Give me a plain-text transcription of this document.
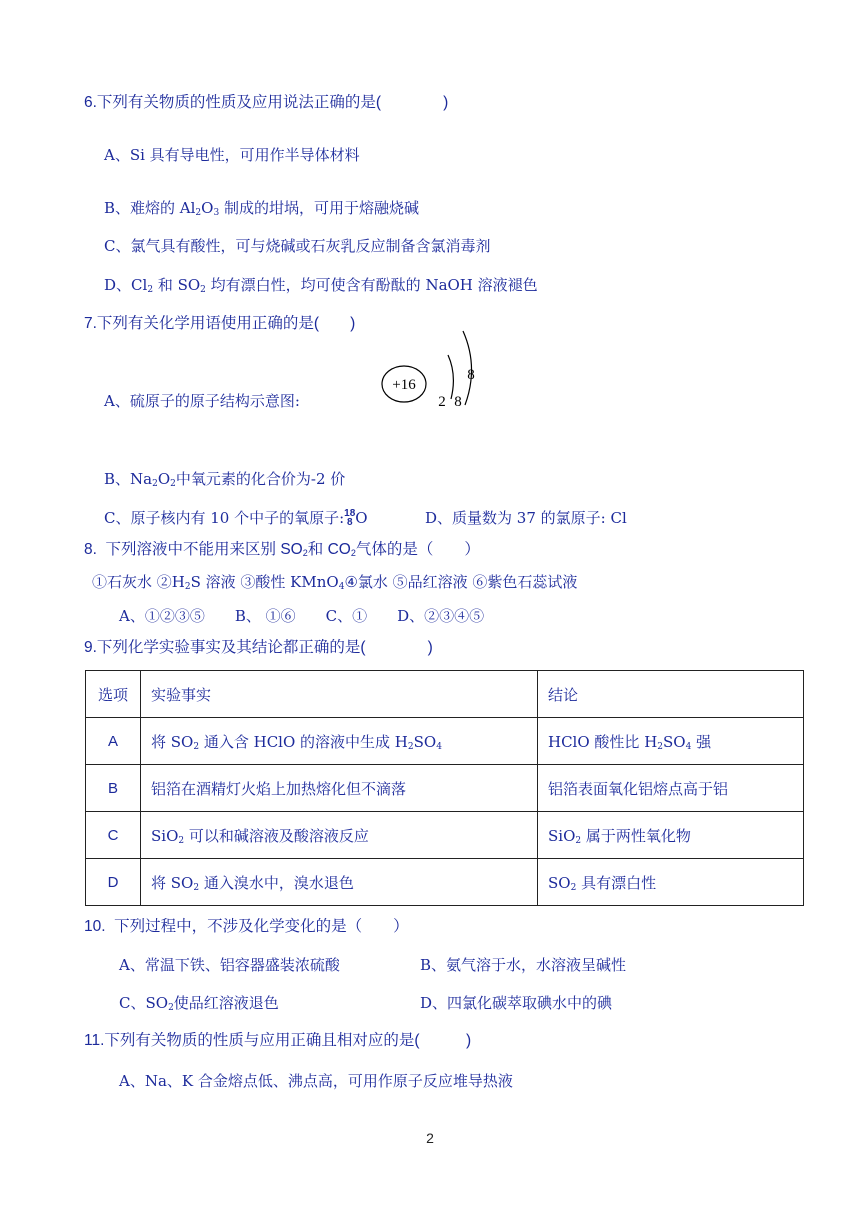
6.下列有关物质的性质及应用说法正确的是(　　　　)
A、Si 具有导电性，可用作半导体材料
B、难熔的 $Al_2O_3$ 制成的坩埚，可用于熔融烧碱
C、氯气具有酸性，可与烧碱或石灰乳反应制备含氯消毒剂
D、$Cl_2$ 和 $SO_2$ 均有漂白性，均可使含有酚酞的 NaOH 溶液褪色
7.下列有关化学用语使用正确的是(　　)
A、硫原子的原子结构示意图:
+16
2 8
8
B、$Na_2O_2$中氧元素的化合价为-2 价
C、原子核内有 10 个中子的氧原子:18
8 O	D、质量数为 37 的氯原子: Cl
8.  下列溶液中不能用来区别 $SO_2$和 $CO_2$气体的是（　　）
①石灰水 $②H_2S$ 溶液 ③酸性 KMnO$_4$④氯水 ⑤品红溶液 ⑥紫色石蕊试液
A、①②③⑤　　B、 ①⑥　　C、①　　D、②③④⑤
9.下列化学实验事实及其结论都正确的是(　　　　)
选项	实验事实	结论
A	将 $SO_2$ 通入含 HClO 的溶液中生成 $H_2SO_4$	HClO 酸性比 $H_2SO_4$ 强
B	铝箔在酒精灯火焰上加热熔化但不滴落	铝箔表面氧化铝熔点高于铝
C	SiO$_2$ 可以和碱溶液及酸溶液反应	SiO$_2$ 属于两性氧化物
D	将 $SO_2$ 通入溴水中，溴水退色	$SO_2$ 具有漂白性
10.  下列过程中，不涉及化学变化的是（　　）
A、常温下铁、铝容器盛装浓硫酸	B、氨气溶于水，水溶液呈碱性
C、$SO_2$使品红溶液退色	D、四氯化碳萃取碘水中的碘
11.下列有关物质的性质与应用正确且相对应的是(　　　)
A、Na、K 合金熔点低、沸点高，可用作原子反应堆导热液
2
